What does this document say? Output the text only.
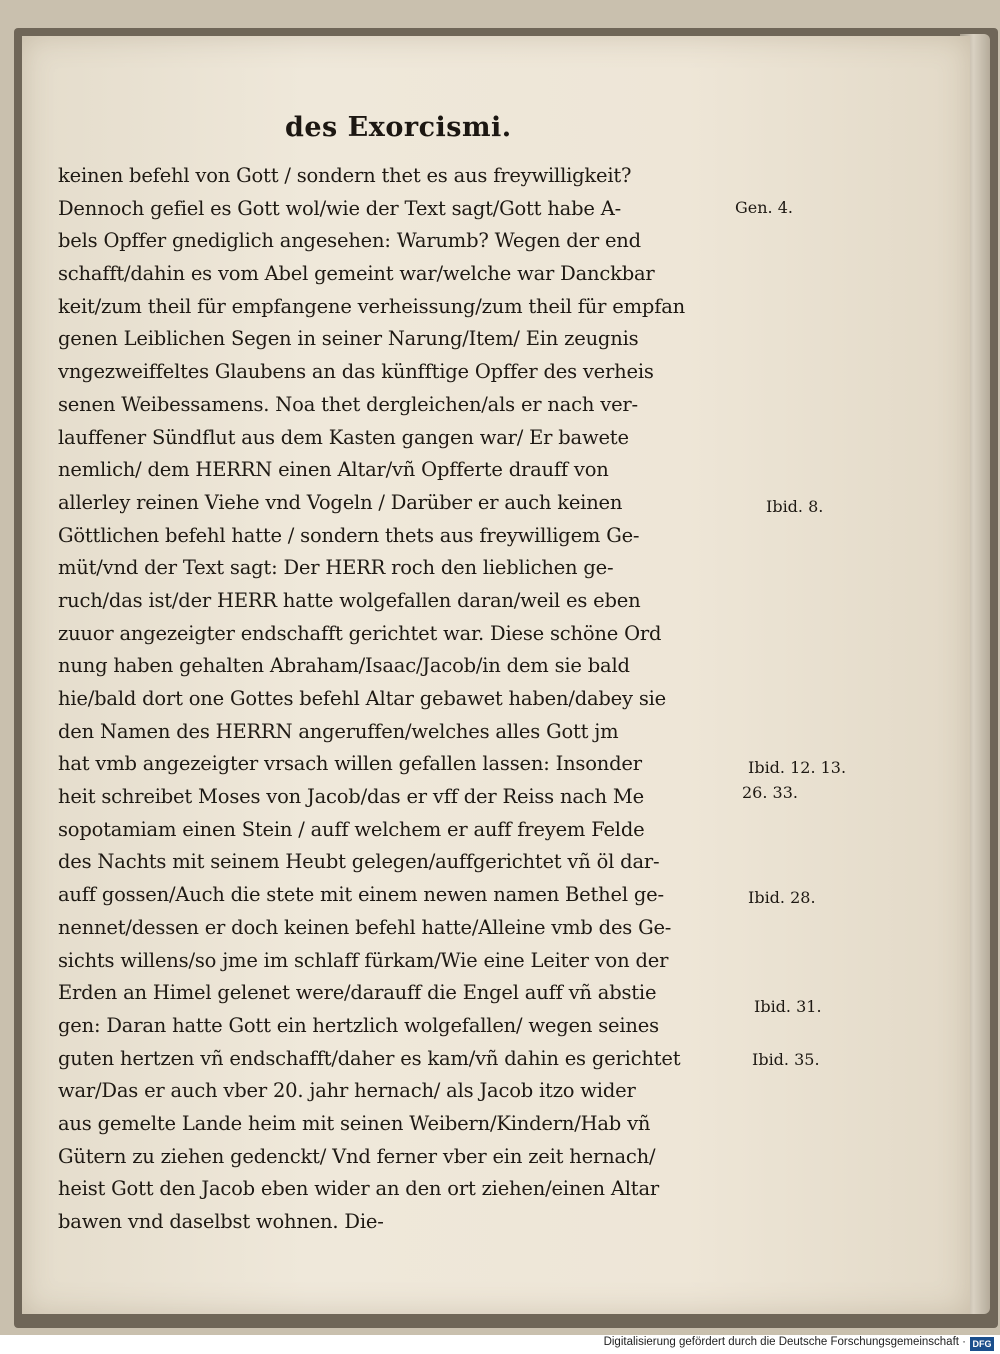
des Exorcismi.
keinen befehl von Gott / sondern thet es aus freywilligkeit?
Dennoch gefiel es Gott wol/wie der Text sagt/Gott habe A-
bels Opffer gnediglich angesehen: Warumb? Wegen der end
schafft/dahin es vom Abel gemeint war/welche war Danckbar
keit/zum theil für empfangene verheissung/zum theil für empfan
genen Leiblichen Segen in seiner Narung/Item/ Ein zeugnis
vngezweiffeltes Glaubens an das künfftige Opffer des verheis
senen Weibessamens. Noa thet dergleichen/als er nach ver-
lauffener Sündflut aus dem Kasten gangen war/ Er bawete
nemlich/ dem HERRN einen Altar/vñ Opfferte drauff von
allerley reinen Viehe vnd Vogeln / Darüber er auch keinen
Göttlichen befehl hatte / sondern thets aus freywilligem Ge-
müt/vnd der Text sagt: Der HERR roch den lieblichen ge-
ruch/das ist/der HERR hatte wolgefallen daran/weil es eben
zuuor angezeigter endschafft gerichtet war. Diese schöne Ord
nung haben gehalten Abraham/Isaac/Jacob/in dem sie bald
hie/bald dort one Gottes befehl Altar gebawet haben/dabey sie
den Namen des HERRN angeruffen/welches alles Gott jm
hat vmb angezeigter vrsach willen gefallen lassen: Insonder
heit schreibet Moses von Jacob/das er vff der Reiss nach Me
sopotamiam einen Stein / auff welchem er auff freyem Felde
des Nachts mit seinem Heubt gelegen/auffgerichtet vñ öl dar-
auff gossen/Auch die stete mit einem newen namen Bethel ge-
nennet/dessen er doch keinen befehl hatte/Alleine vmb des Ge-
sichts willens/so jme im schlaff fürkam/Wie eine Leiter von der
Erden an Himel gelenet were/darauff die Engel auff vñ abstie
gen: Daran hatte Gott ein hertzlich wolgefallen/ wegen seines
guten hertzen vñ endschafft/daher es kam/vñ dahin es gerichtet
war/Das er auch vber 20. jahr hernach/ als Jacob itzo wider
aus gemelte Lande heim mit seinen Weibern/Kindern/Hab vñ
Gütern zu ziehen gedenckt/ Vnd ferner vber ein zeit hernach/
heist Gott den Jacob eben wider an den ort ziehen/einen Altar
bawen vnd daselbst wohnen. Die-
Gen. 4.
Ibid. 8.
Ibid. 12. 13.
26. 33.
Ibid. 28.
Ibid. 31.
Ibid. 35.
Digitalisierung gefördert durch die Deutsche Forschungsgemeinschaft · DFG
